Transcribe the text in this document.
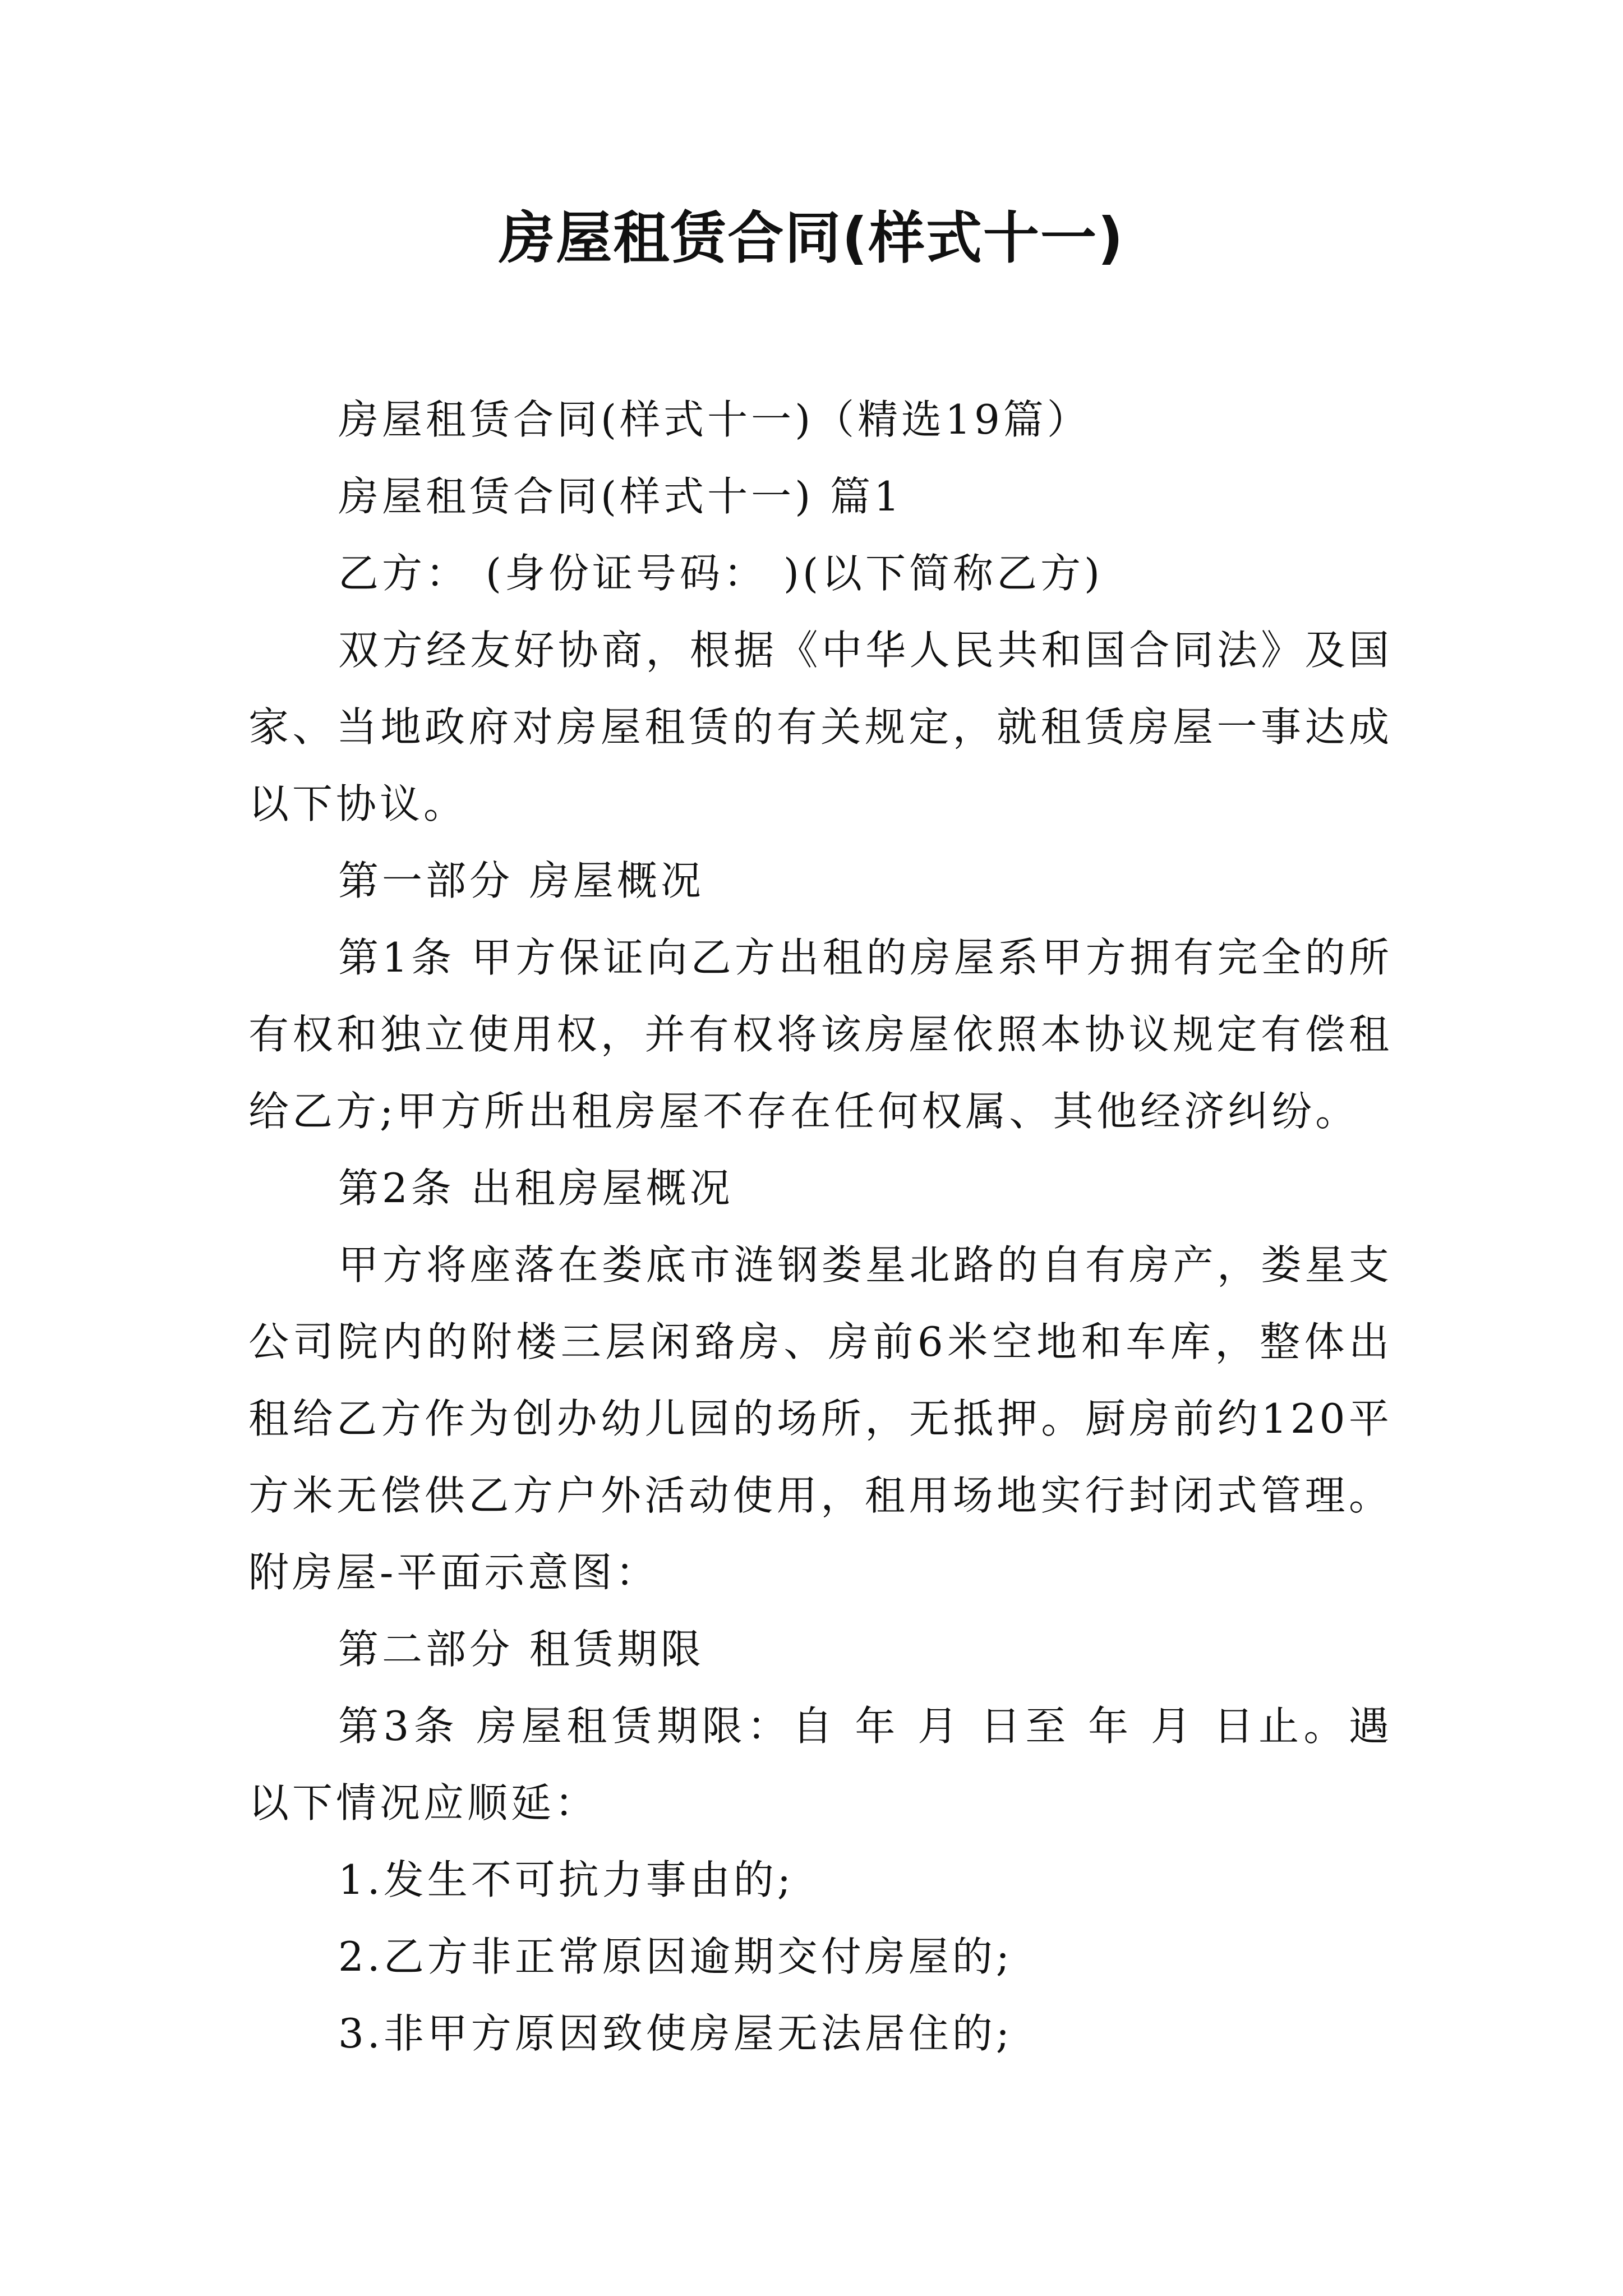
房屋租赁合同(样式十一)

房屋租赁合同(样式十一)（精选19篇）

房屋租赁合同(样式十一) 篇1

乙方： (身份证号码： )(以下简称乙方)

双方经友好协商，根据《中华人民共和国合同法》及国家、当地政府对房屋租赁的有关规定，就租赁房屋一事达成以下协议。

第一部分 房屋概况

第1条 甲方保证向乙方出租的房屋系甲方拥有完全的所有权和独立使用权，并有权将该房屋依照本协议规定有偿租给乙方;甲方所出租房屋不存在任何权属、其他经济纠纷。

第2条 出租房屋概况

甲方将座落在娄底市涟钢娄星北路的自有房产，娄星支公司院内的附楼三层闲臵房、房前6米空地和车库，整体出租给乙方作为创办幼儿园的场所，无抵押。厨房前约120平方米无偿供乙方户外活动使用，租用场地实行封闭式管理。附房屋-平面示意图：

第二部分 租赁期限

第3条 房屋租赁期限：自 年 月 日至 年 月 日止。遇以下情况应顺延：

1.发生不可抗力事由的;

2.乙方非正常原因逾期交付房屋的;

3.非甲方原因致使房屋无法居住的;
